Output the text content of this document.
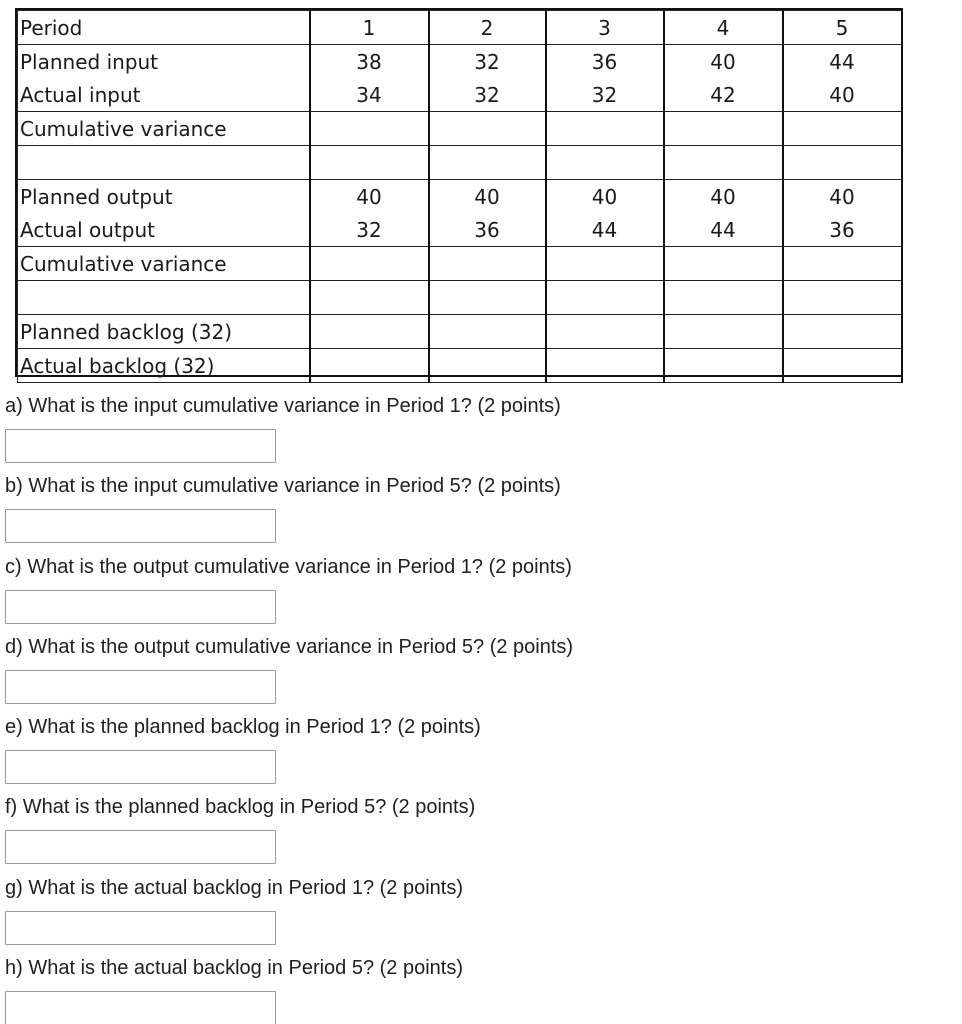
Period	1	2	3	4	5
Planned input	38	32	36	40	44
Actual input	34	32	32	42	40
Cumulative variance					

Planned output	40	40	40	40	40
Actual output	32	36	44	44	36
Cumulative variance					

Planned backlog (32)					
Actual backlog (32)					

a) What is the input cumulative variance in Period 1? (2 points)

b) What is the input cumulative variance in Period 5? (2 points)

c) What is the output cumulative variance in Period 1? (2 points)

d) What is the output cumulative variance in Period 5? (2 points)

e) What is the planned backlog in Period 1? (2 points)

f) What is the planned backlog in Period 5? (2 points)

g) What is the actual backlog in Period 1? (2 points)

h) What is the actual backlog in Period 5? (2 points)
